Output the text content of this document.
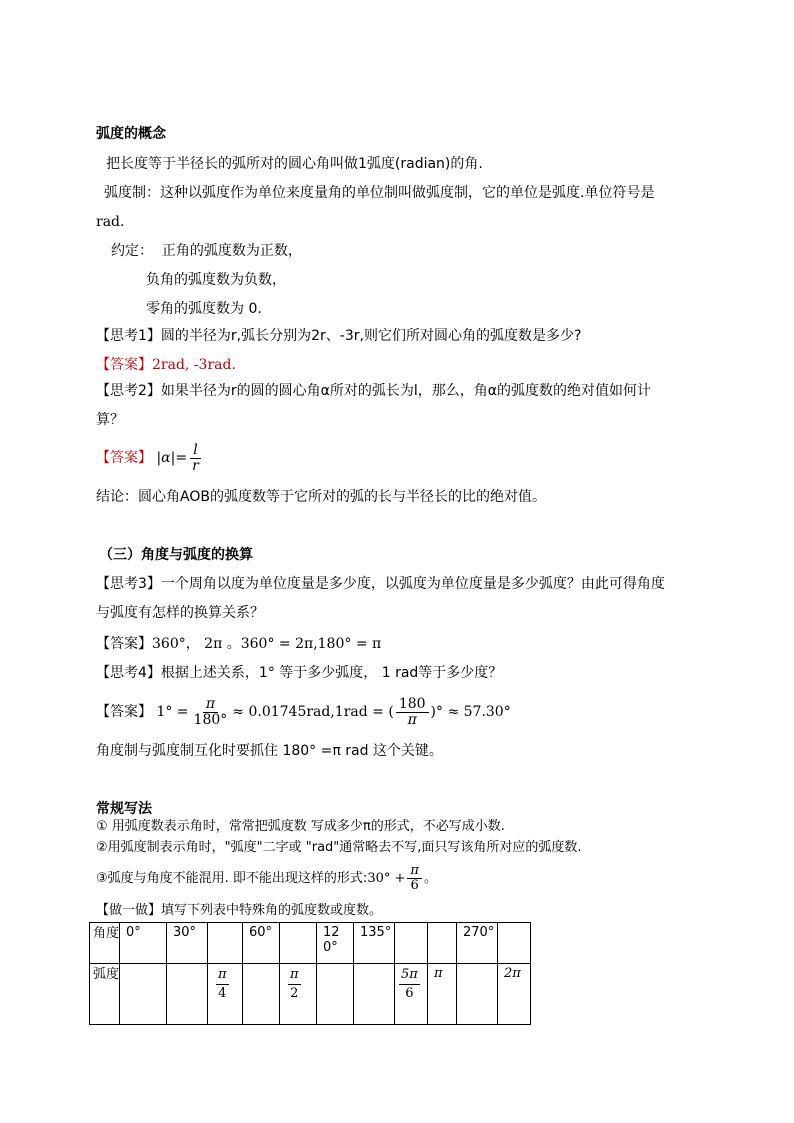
弧度的概念
把长度等于半径长的弧所对的圆心角叫做1弧度(radian)的角.
弧度制：这种以弧度作为单位来度量角的单位制叫做弧度制，它的单位是弧度.单位符号是
rad.
约定： 正角的弧度数为正数，
负角的弧度数为负数，
零角的弧度数为 0.
【思考1】圆的半径为r,弧长分别为2r、-3r,则它们所对圆心角的弧度数是多少?
【答案】2rad, -3rad.
【思考2】如果半径为r的圆的圆心角α所对的弧长为l，那么，角α的弧度数的绝对值如何计
算？
【答案】 $|\alpha|= \frac{l}{r}$
结论：圆心角AOB的弧度数等于它所对的弧的长与半径长的比的绝对值。
（三）角度与弧度的换算
【思考3】一个周角以度为单位度量是多少度，以弧度为单位度量是多少弧度？由此可得角度
与弧度有怎样的换算关系？
【答案】360°， 2π 。360° = 2π,180° = π
【思考4】根据上述关系，1° 等于多少弧度， 1 rad等于多少度？
【答案】 $1^\circ = \frac{\pi}{180^\circ} \approx 0.01745rad,1rad$ = ( $\frac{180}{\pi}$ )° ≈ 57.30°
角度制与弧度制互化时要抓住 180° =π rad 这个关键。
常规写法
① 用弧度数表示角时，常常把弧度数 写成多少π的形式，不必写成小数.
②用弧度制表示角时，"弧度"二字或 "rad"通常略去不写,面只写该角所对应的弧度数.
③弧度与角度不能混用. 即不能出现这样的形式:30° + $\frac{\pi}{6}$ 。
【做一做】填写下列表中特殊角的弧度数或度数。
角度	0°	30°		60°		120°	135°			270°	
弧度			$\frac{\pi}{4}$		$\frac{\pi}{2}$			$\frac{5\pi}{6}$	π		2π
